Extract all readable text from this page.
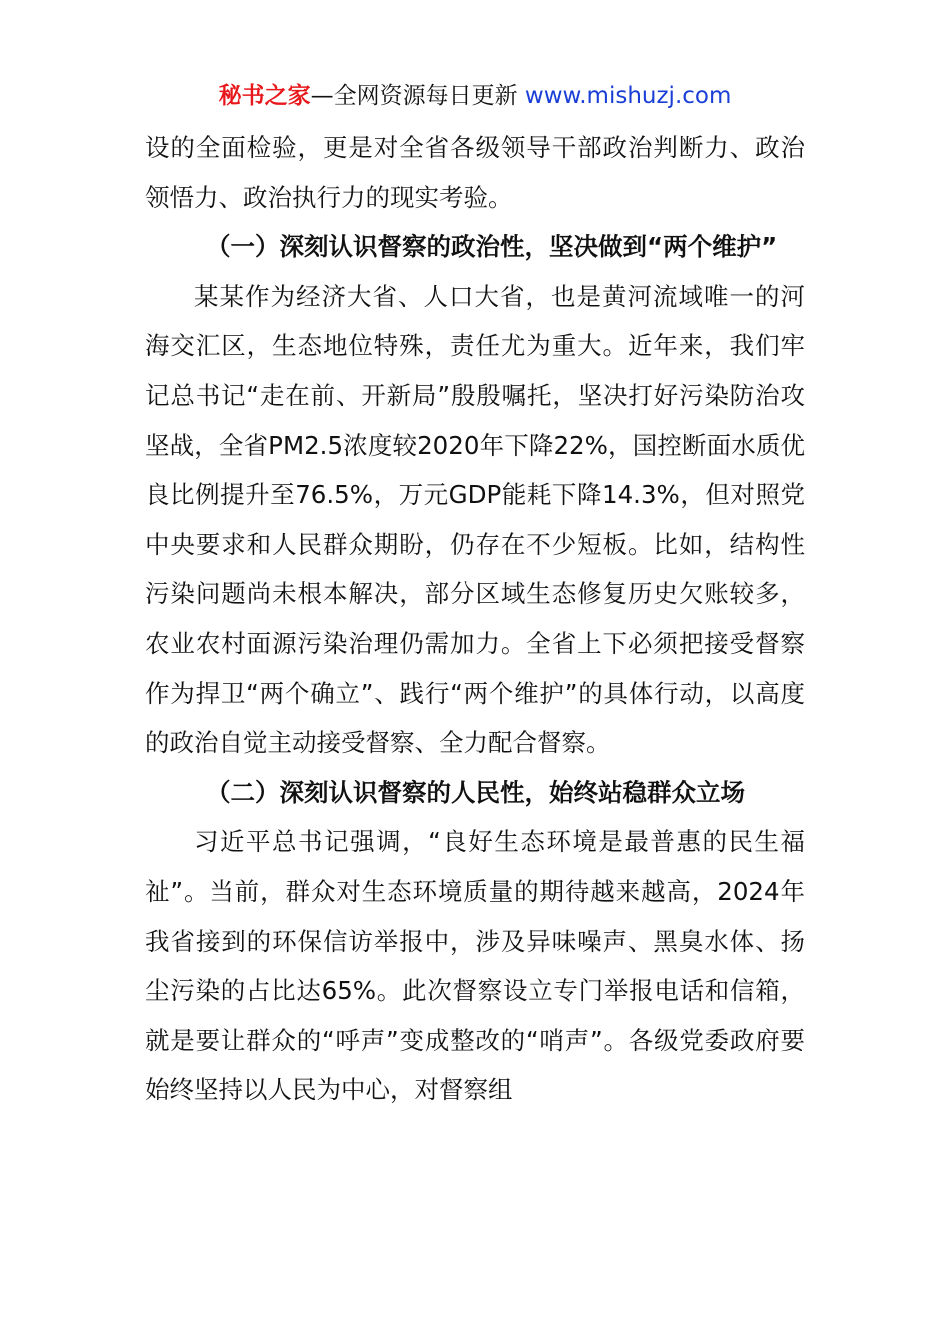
秘书之家—全网资源每日更新 www.mishuzj.com

设的全面检验，更是对全省各级领导干部政治判断力、政治领悟力、政治执行力的现实考验。

（一）深刻认识督察的政治性，坚决做到“两个维护”

某某作为经济大省、人口大省，也是黄河流域唯一的河海交汇区，生态地位特殊，责任尤为重大。近年来，我们牢记总书记“走在前、开新局”殷殷嘱托，坚决打好污染防治攻坚战，全省PM2.5浓度较2020年下降22%，国控断面水质优良比例提升至76.5%，万元GDP能耗下降14.3%，但对照党中央要求和人民群众期盼，仍存在不少短板。比如，结构性污染问题尚未根本解决，部分区域生态修复历史欠账较多，农业农村面源污染治理仍需加力。全省上下必须把接受督察作为捍卫“两个确立”、践行“两个维护”的具体行动，以高度的政治自觉主动接受督察、全力配合督察。

（二）深刻认识督察的人民性，始终站稳群众立场

习近平总书记强调，“良好生态环境是最普惠的民生福祉”。当前，群众对生态环境质量的期待越来越高，2024年我省接到的环保信访举报中，涉及异味噪声、黑臭水体、扬尘污染的占比达65%。此次督察设立专门举报电话和信箱，就是要让群众的“呼声”变成整改的“哨声”。各级党委政府要始终坚持以人民为中心，对督察组
